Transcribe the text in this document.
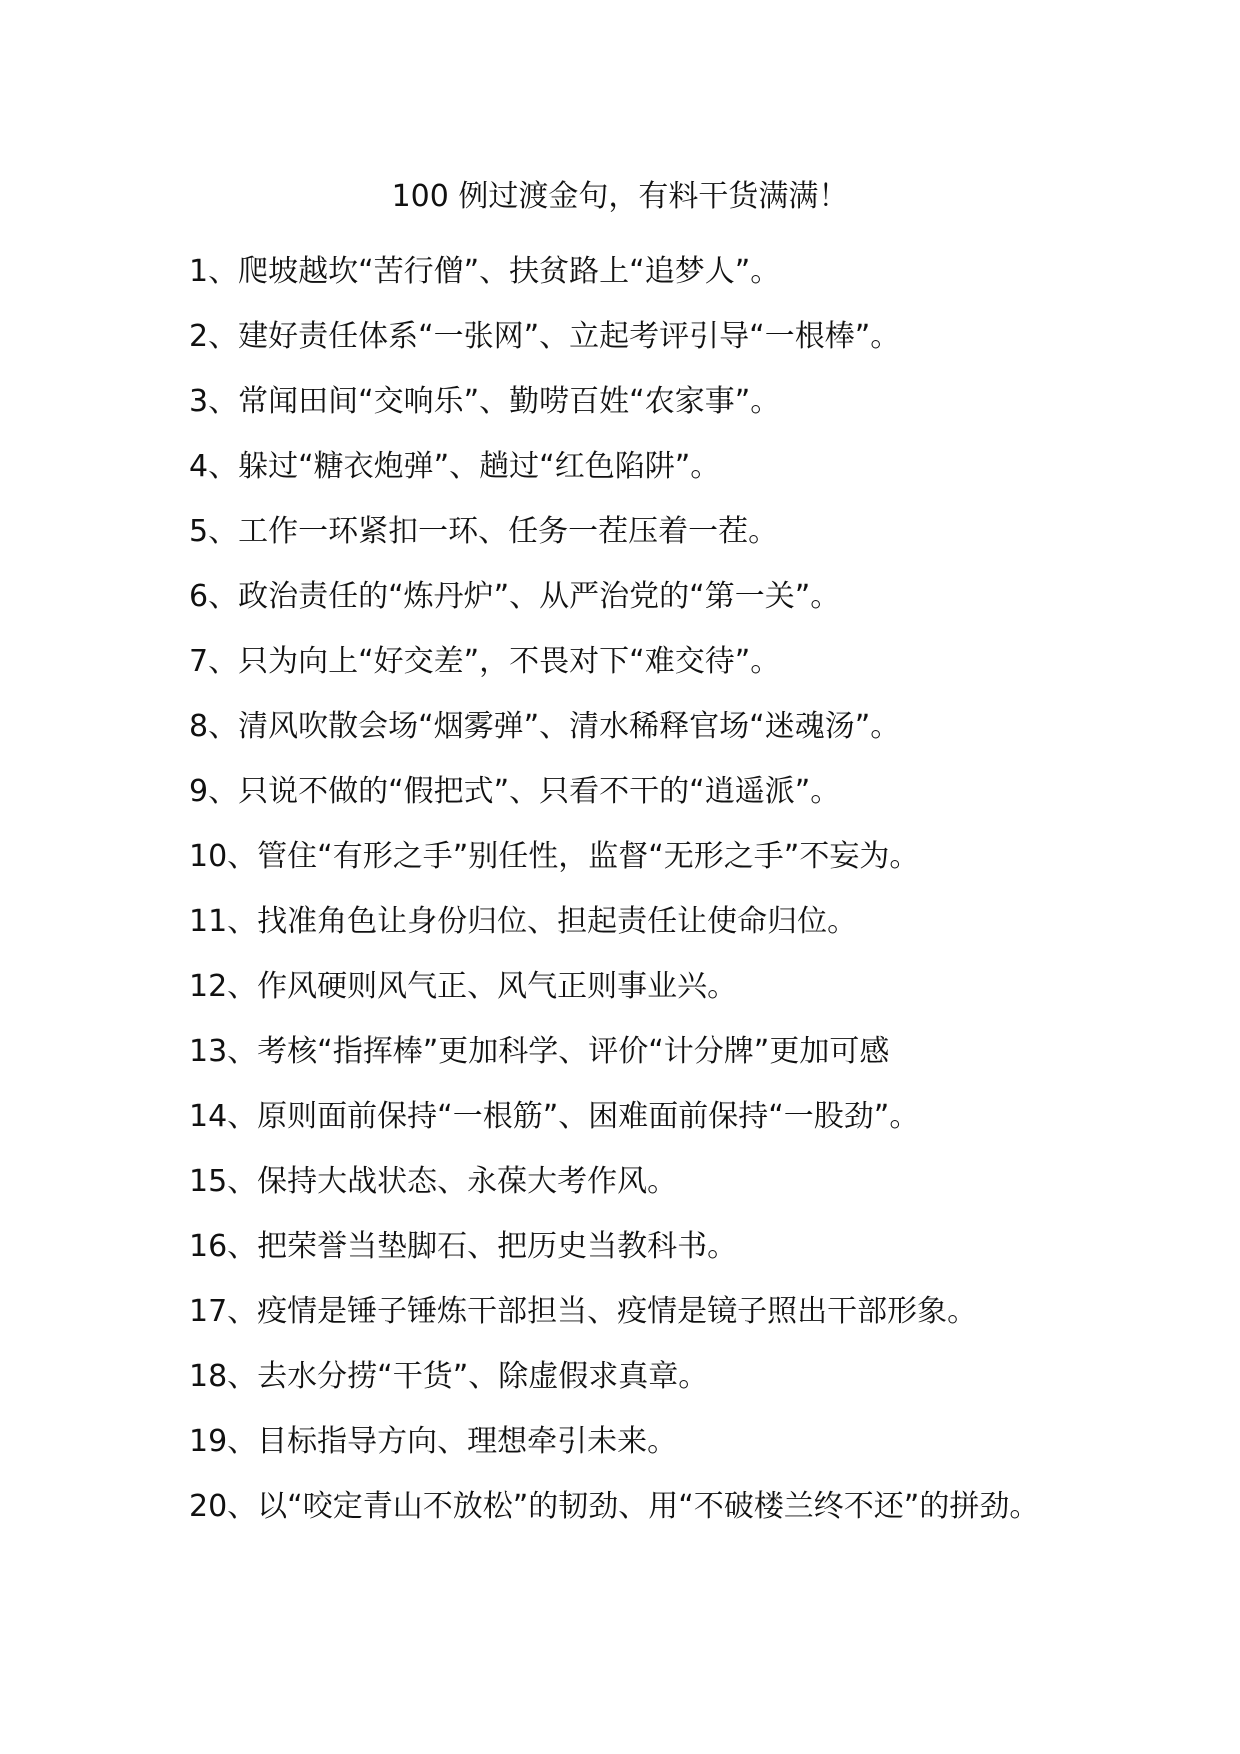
100 例过渡金句，有料干货满满！
1、爬坡越坎“苦行僧”、扶贫路上“追梦人”。
2、建好责任体系“一张网”、立起考评引导“一根棒”。
3、常闻田间“交响乐”、勤唠百姓“农家事”。
4、躲过“糖衣炮弹”、趟过“红色陷阱”。
5、工作一环紧扣一环、任务一茬压着一茬。
6、政治责任的“炼丹炉”、从严治党的“第一关”。
7、只为向上“好交差”，不畏对下“难交待”。
8、清风吹散会场“烟雾弹”、清水稀释官场“迷魂汤”。
9、只说不做的“假把式”、只看不干的“逍遥派”。
10、管住“有形之手”别任性，监督“无形之手”不妄为。
11、找准角色让身份归位、担起责任让使命归位。
12、作风硬则风气正、风气正则事业兴。
13、考核“指挥棒”更加科学、评价“计分牌”更加可感
14、原则面前保持“一根筋”、困难面前保持“一股劲”。
15、保持大战状态、永葆大考作风。
16、把荣誉当垫脚石、把历史当教科书。
17、疫情是锤子锤炼干部担当、疫情是镜子照出干部形象。
18、去水分捞“干货”、除虚假求真章。
19、目标指导方向、理想牵引未来。
20、以“咬定青山不放松”的韧劲、用“不破楼兰终不还”的拼劲。
